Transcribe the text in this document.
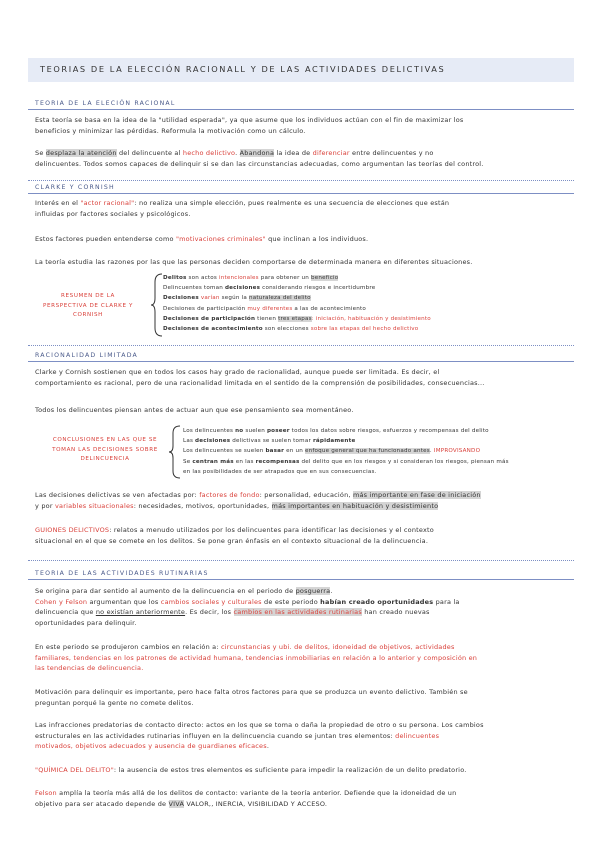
TEORIAS DE LA ELECCIÓN RACIONALL Y DE LAS ACTIVIDADES DELICTIVAS
TEORIA DE LA ELECIÓN RACIONAL
Esta teoría se basa en la idea de la "utilidad esperada", ya que asume que los individuos actúan con el fin de maximizar los
beneficios y minimizar las pérdidas. Reformula la motivación como un cálculo.
Se desplaza la atención del delincuente al hecho delictivo. Abandona la idea de diferenciar entre delincuentes y no
delincuentes. Todos somos capaces de delinquir si se dan las circunstancias adecuadas, como argumentan las teorías del control.
CLARKE Y CORNISH
Interés en el "actor racional": no realiza una simple elección, pues realmente es una secuencia de elecciones que están
influidas por factores sociales y psicológicos.
Estos factores pueden entenderse como "motivaciones criminales" que inclinan a los individuos.
La teoría estudia las razones por las que las personas deciden comportarse de determinada manera en diferentes situaciones.
RESUMEN DE LA PERSPECTIVA DE CLARKE Y CORNISH
Delitos son actos intencionales para obtener un beneficio
Delincuentes toman decisiones considerando riesgos e incertidumbre
Decisiones varían según la naturaleza del delito
Decisiones de participación muy diferentes a las de acontecimiento
Decisiones de participación tienen tres etapas: iniciación, habituación y desistimiento
Decisiones de acontecimiento son elecciones sobre las etapas del hecho delictivo
RACIONALIDAD LIMITADA
Clarke y Cornish sostienen que en todos los casos hay grado de racionalidad, aunque puede ser limitada. Es decir, el
comportamiento es racional, pero de una racionalidad limitada en el sentido de la comprensión de posibilidades, consecuencias...
Todos los delincuentes piensan antes de actuar aun que ese pensamiento sea momentáneo.
CONCLUSIONES EN LAS QUE SE TOMAN LAS DECISIONES SOBRE DELINCUENCIA
Los delincuentes no suelen poseer todos los datos sobre riesgos, esfuerzos y recompensas del delito
Las decisiones delictivas se suelen tomar rápidamente
Los delincuentes se suelen basar en un enfoque general que ha funcionado antes. IMPROVISANDO
Se centran más en las recompensas del delito que en los riesgos y si consideran los riesgos, piensan más
en las posibilidades de ser atrapados que en sus consecuencias.
Las decisiones delictivas se ven afectadas por: factores de fondo: personalidad, educación, más importante en fase de iniciación
y por variables situacionales: necesidades, motivos, oportunidades, más importantes en habituación y desistimiento
GUIONES DELICTIVOS: relatos a menudo utilizados por los delincuentes para identificar las decisiones y el contexto
situacional en el que se comete en los delitos. Se pone gran énfasis en el contexto situacional de la delincuencia.
TEORIA DE LAS ACTIVIDADES RUTINARIAS
Se origina para dar sentido al aumento de la delincuencia en el periodo de posguerra.
Cohen y Felson argumentan que los cambios sociales y culturales de este periodo habían creado oportunidades para la
delincuencia que no existían anteriormente. Es decir, los cambios en las actividades rutinarias han creado nuevas
oportunidades para delinquir.
En este periodo se produjeron cambios en relación a: circunstancias y ubi. de delitos, idoneidad de objetivos, actividades
familiares, tendencias en los patrones de actividad humana, tendencias inmobiliarias en relación a lo anterior y composición en
las tendencias de delincuencia.
Motivación para delinquir es importante, pero hace falta otros factores para que se produzca un evento delictivo. También se
preguntan porqué la gente no comete delitos.
Las infracciones predatorias de contacto directo: actos en los que se toma o daña la propiedad de otro o su persona. Los cambios
estructurales en las actividades rutinarias influyen en la delincuencia cuando se juntan tres elementos: delincuentes
motivados, objetivos adecuados y ausencia de guardianes eficaces.
"QUÍMICA DEL DELITO": la ausencia de estos tres elementos es suficiente para impedir la realización de un delito predatorio.
Felson amplía la teoría más allá de los delitos de contacto: variante de la teoría anterior. Defiende que la idoneidad de un
objetivo para ser atacado depende de VIVA VALOR,, INERCIA, VISIBILIDAD Y ACCESO.
